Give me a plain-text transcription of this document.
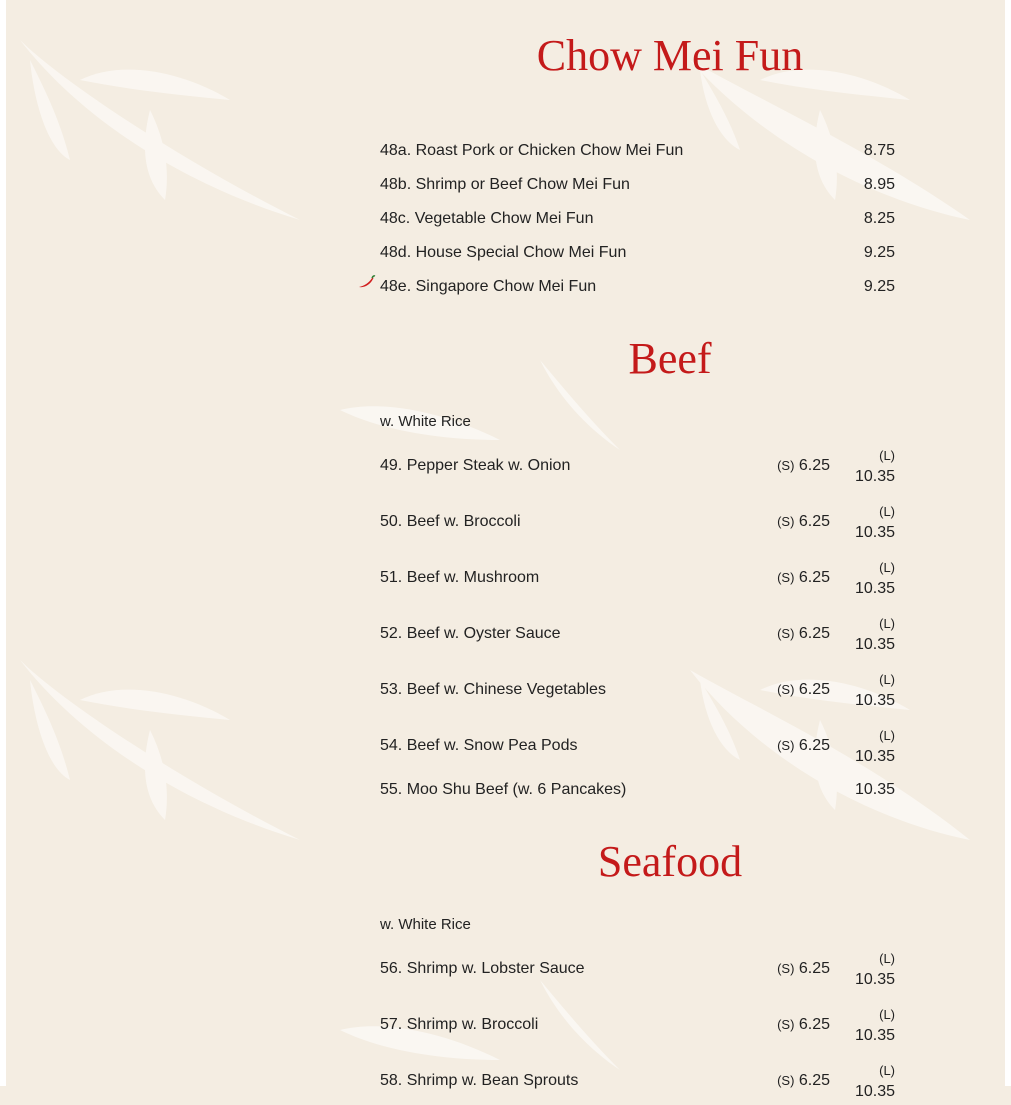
Chow Mei Fun
48a. Roast Pork or Chicken Chow Mei Fun	8.75
48b. Shrimp or Beef Chow Mei Fun	8.95
48c. Vegetable Chow Mei Fun	8.25
48d. House Special Chow Mei Fun	9.25
48e. Singapore Chow Mei Fun	9.25
Beef
w. White Rice
49. Pepper Steak w. Onion	(S) 6.25
(L)
10.35
50. Beef w. Broccoli	(S) 6.25
(L)
10.35
51. Beef w. Mushroom	(S) 6.25
(L)
10.35
52. Beef w. Oyster Sauce	(S) 6.25
(L)
10.35
53. Beef w. Chinese Vegetables	(S) 6.25
(L)
10.35
54. Beef w. Snow Pea Pods	(S) 6.25
(L)
10.35
55. Moo Shu Beef (w. 6 Pancakes)	10.35
Seafood
w. White Rice
56. Shrimp w. Lobster Sauce	(S) 6.25
(L)
10.35
57. Shrimp w. Broccoli	(S) 6.25
(L)
10.35
58. Shrimp w. Bean Sprouts	(S) 6.25
(L)
10.35
